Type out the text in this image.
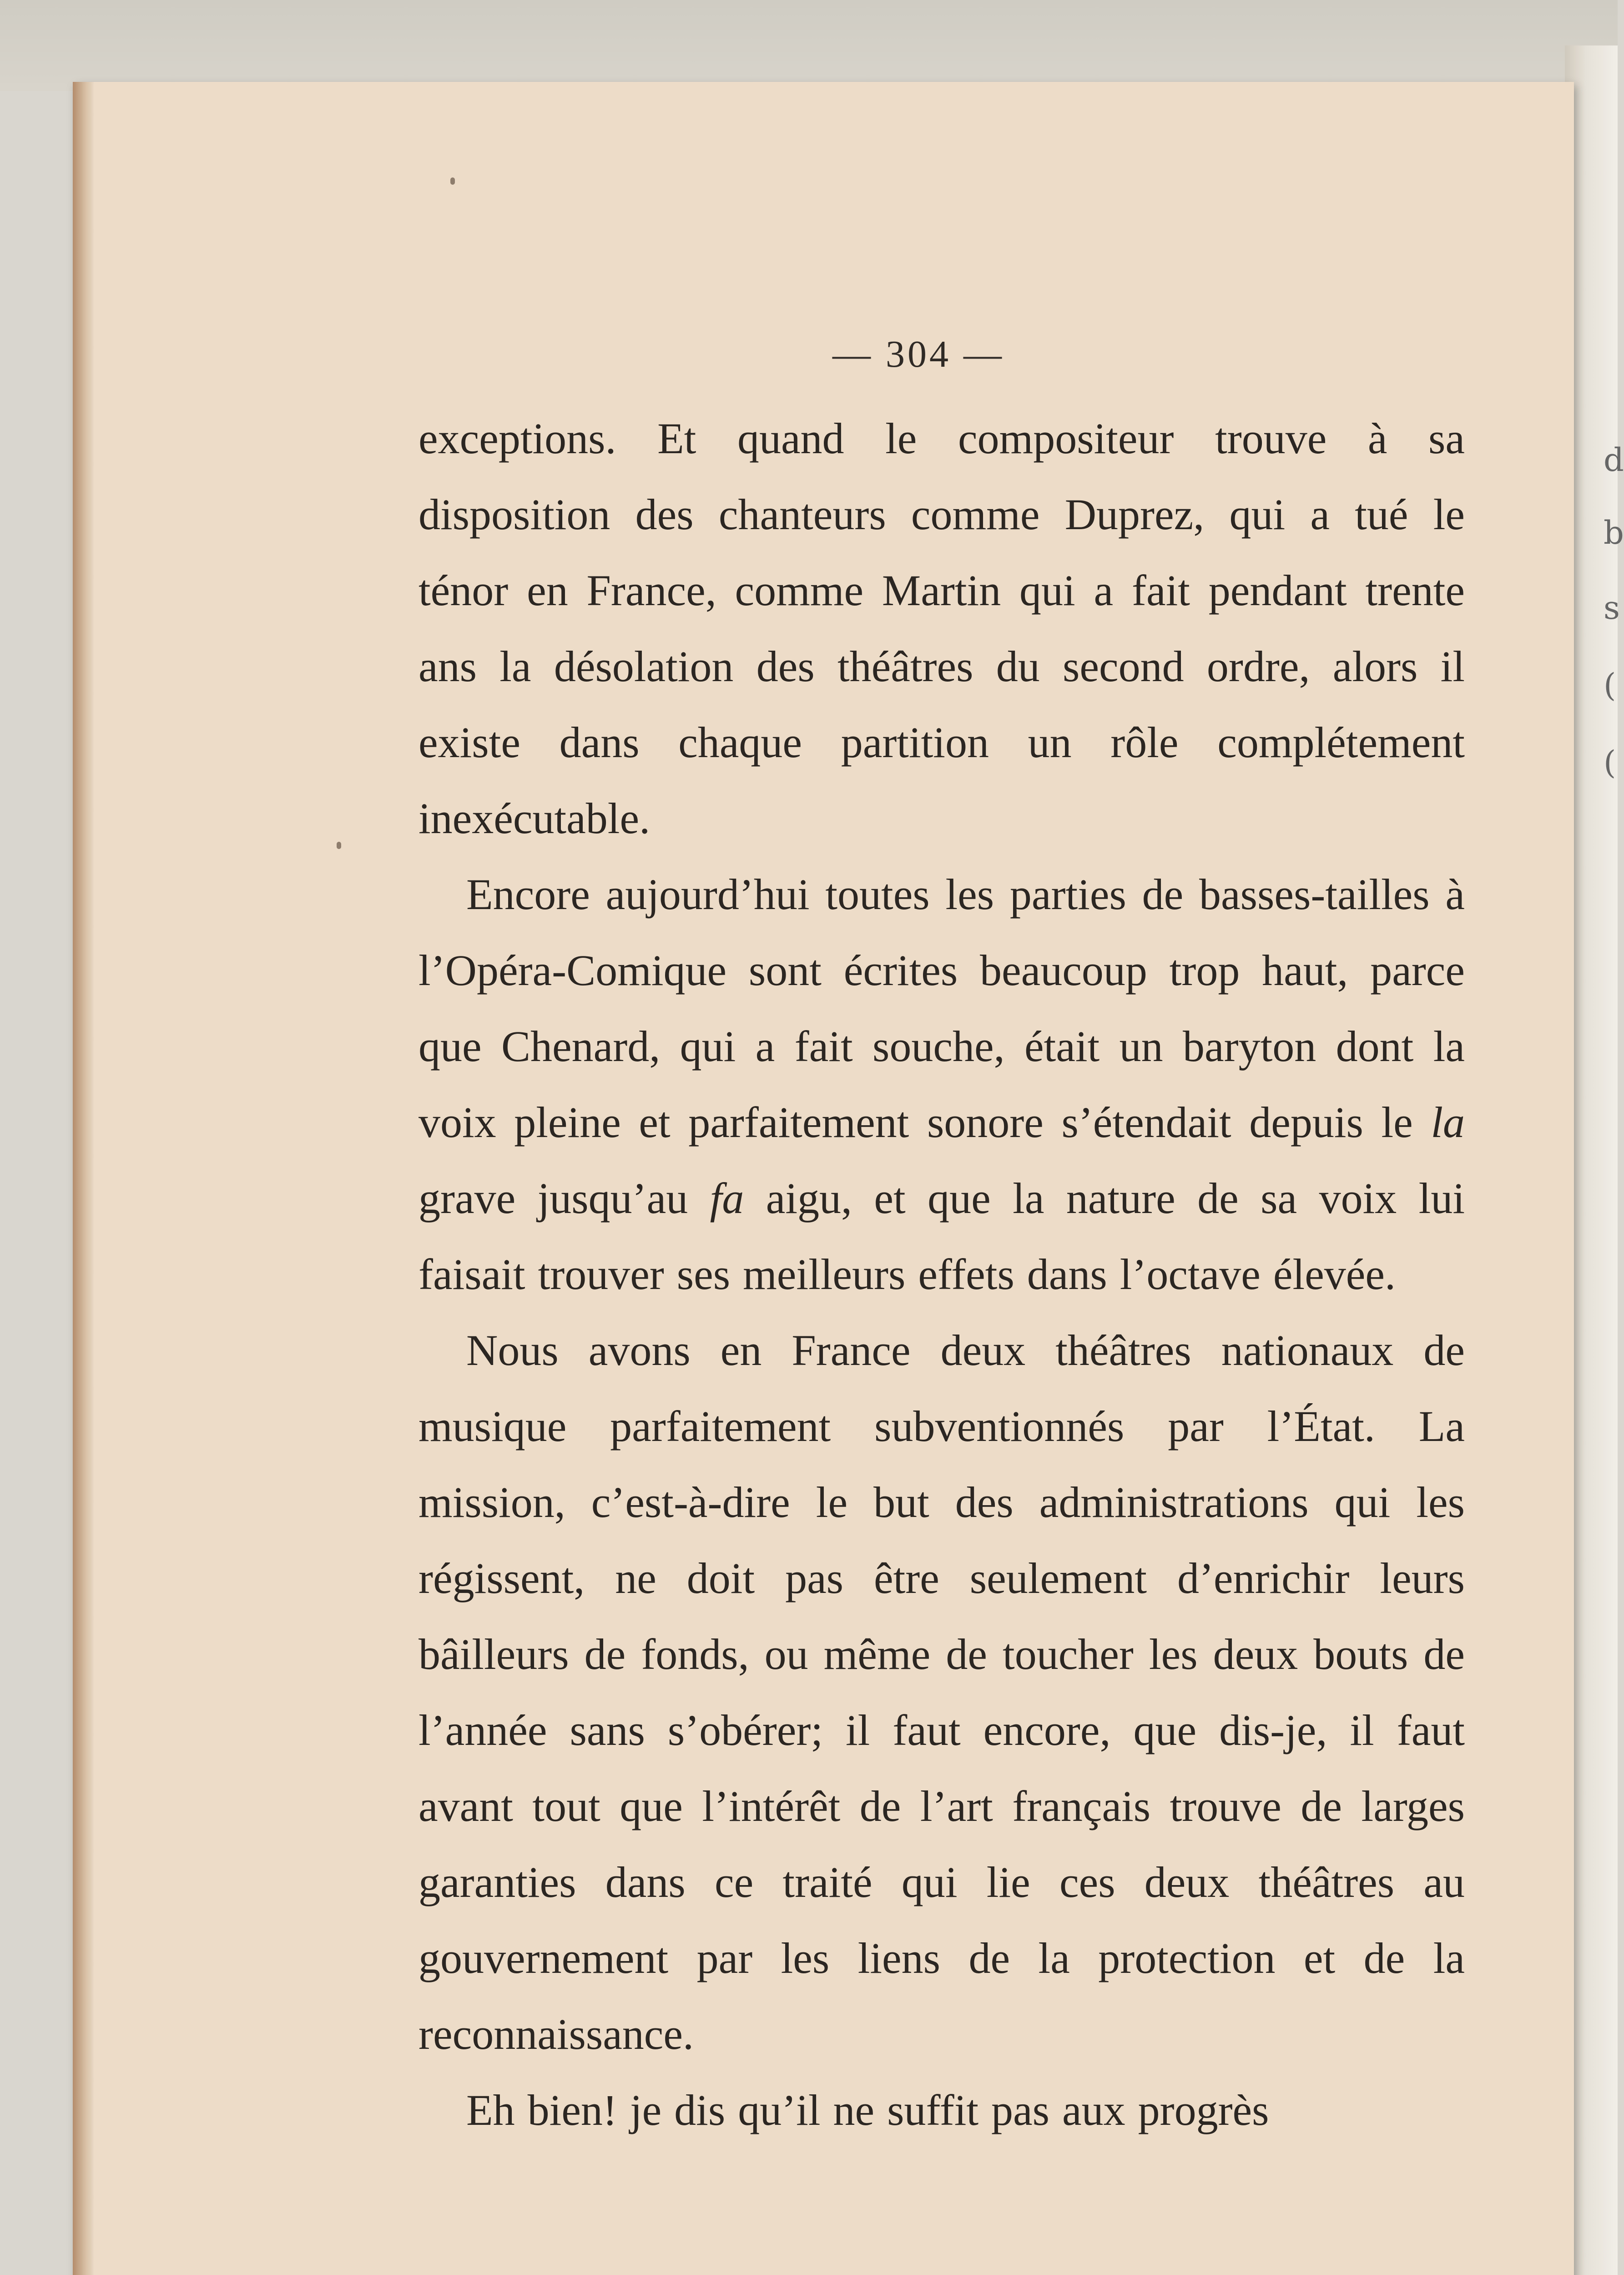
d
b
s
(
(
— 304 —

exceptions. Et quand le compositeur trouve à sa disposition des chanteurs comme Duprez, qui a tué le ténor en France, comme Martin qui a fait pendant trente ans la désolation des théâtres du second ordre, alors il existe dans chaque partition un rôle complétement inexécutable.

Encore aujourd’hui toutes les parties de basses-tailles à l’Opéra-Comique sont écrites beaucoup trop haut, parce que Chenard, qui a fait souche, était un baryton dont la voix pleine et parfaitement sonore s’étendait depuis le la grave jusqu’au fa aigu, et que la nature de sa voix lui faisait trouver ses meilleurs effets dans l’octave élevée.

Nous avons en France deux théâtres nationaux de musique parfaitement subventionnés par l’État. La mission, c’est-à-dire le but des administrations qui les régissent, ne doit pas être seulement d’enrichir leurs bâilleurs de fonds, ou même de toucher les deux bouts de l’année sans s’obérer; il faut encore, que dis-je, il faut avant tout que l’intérêt de l’art français trouve de larges garanties dans ce traité qui lie ces deux théâtres au gouvernement par les liens de la protection et de la reconnaissance.

Eh bien! je dis qu’il ne suffit pas aux progrès
